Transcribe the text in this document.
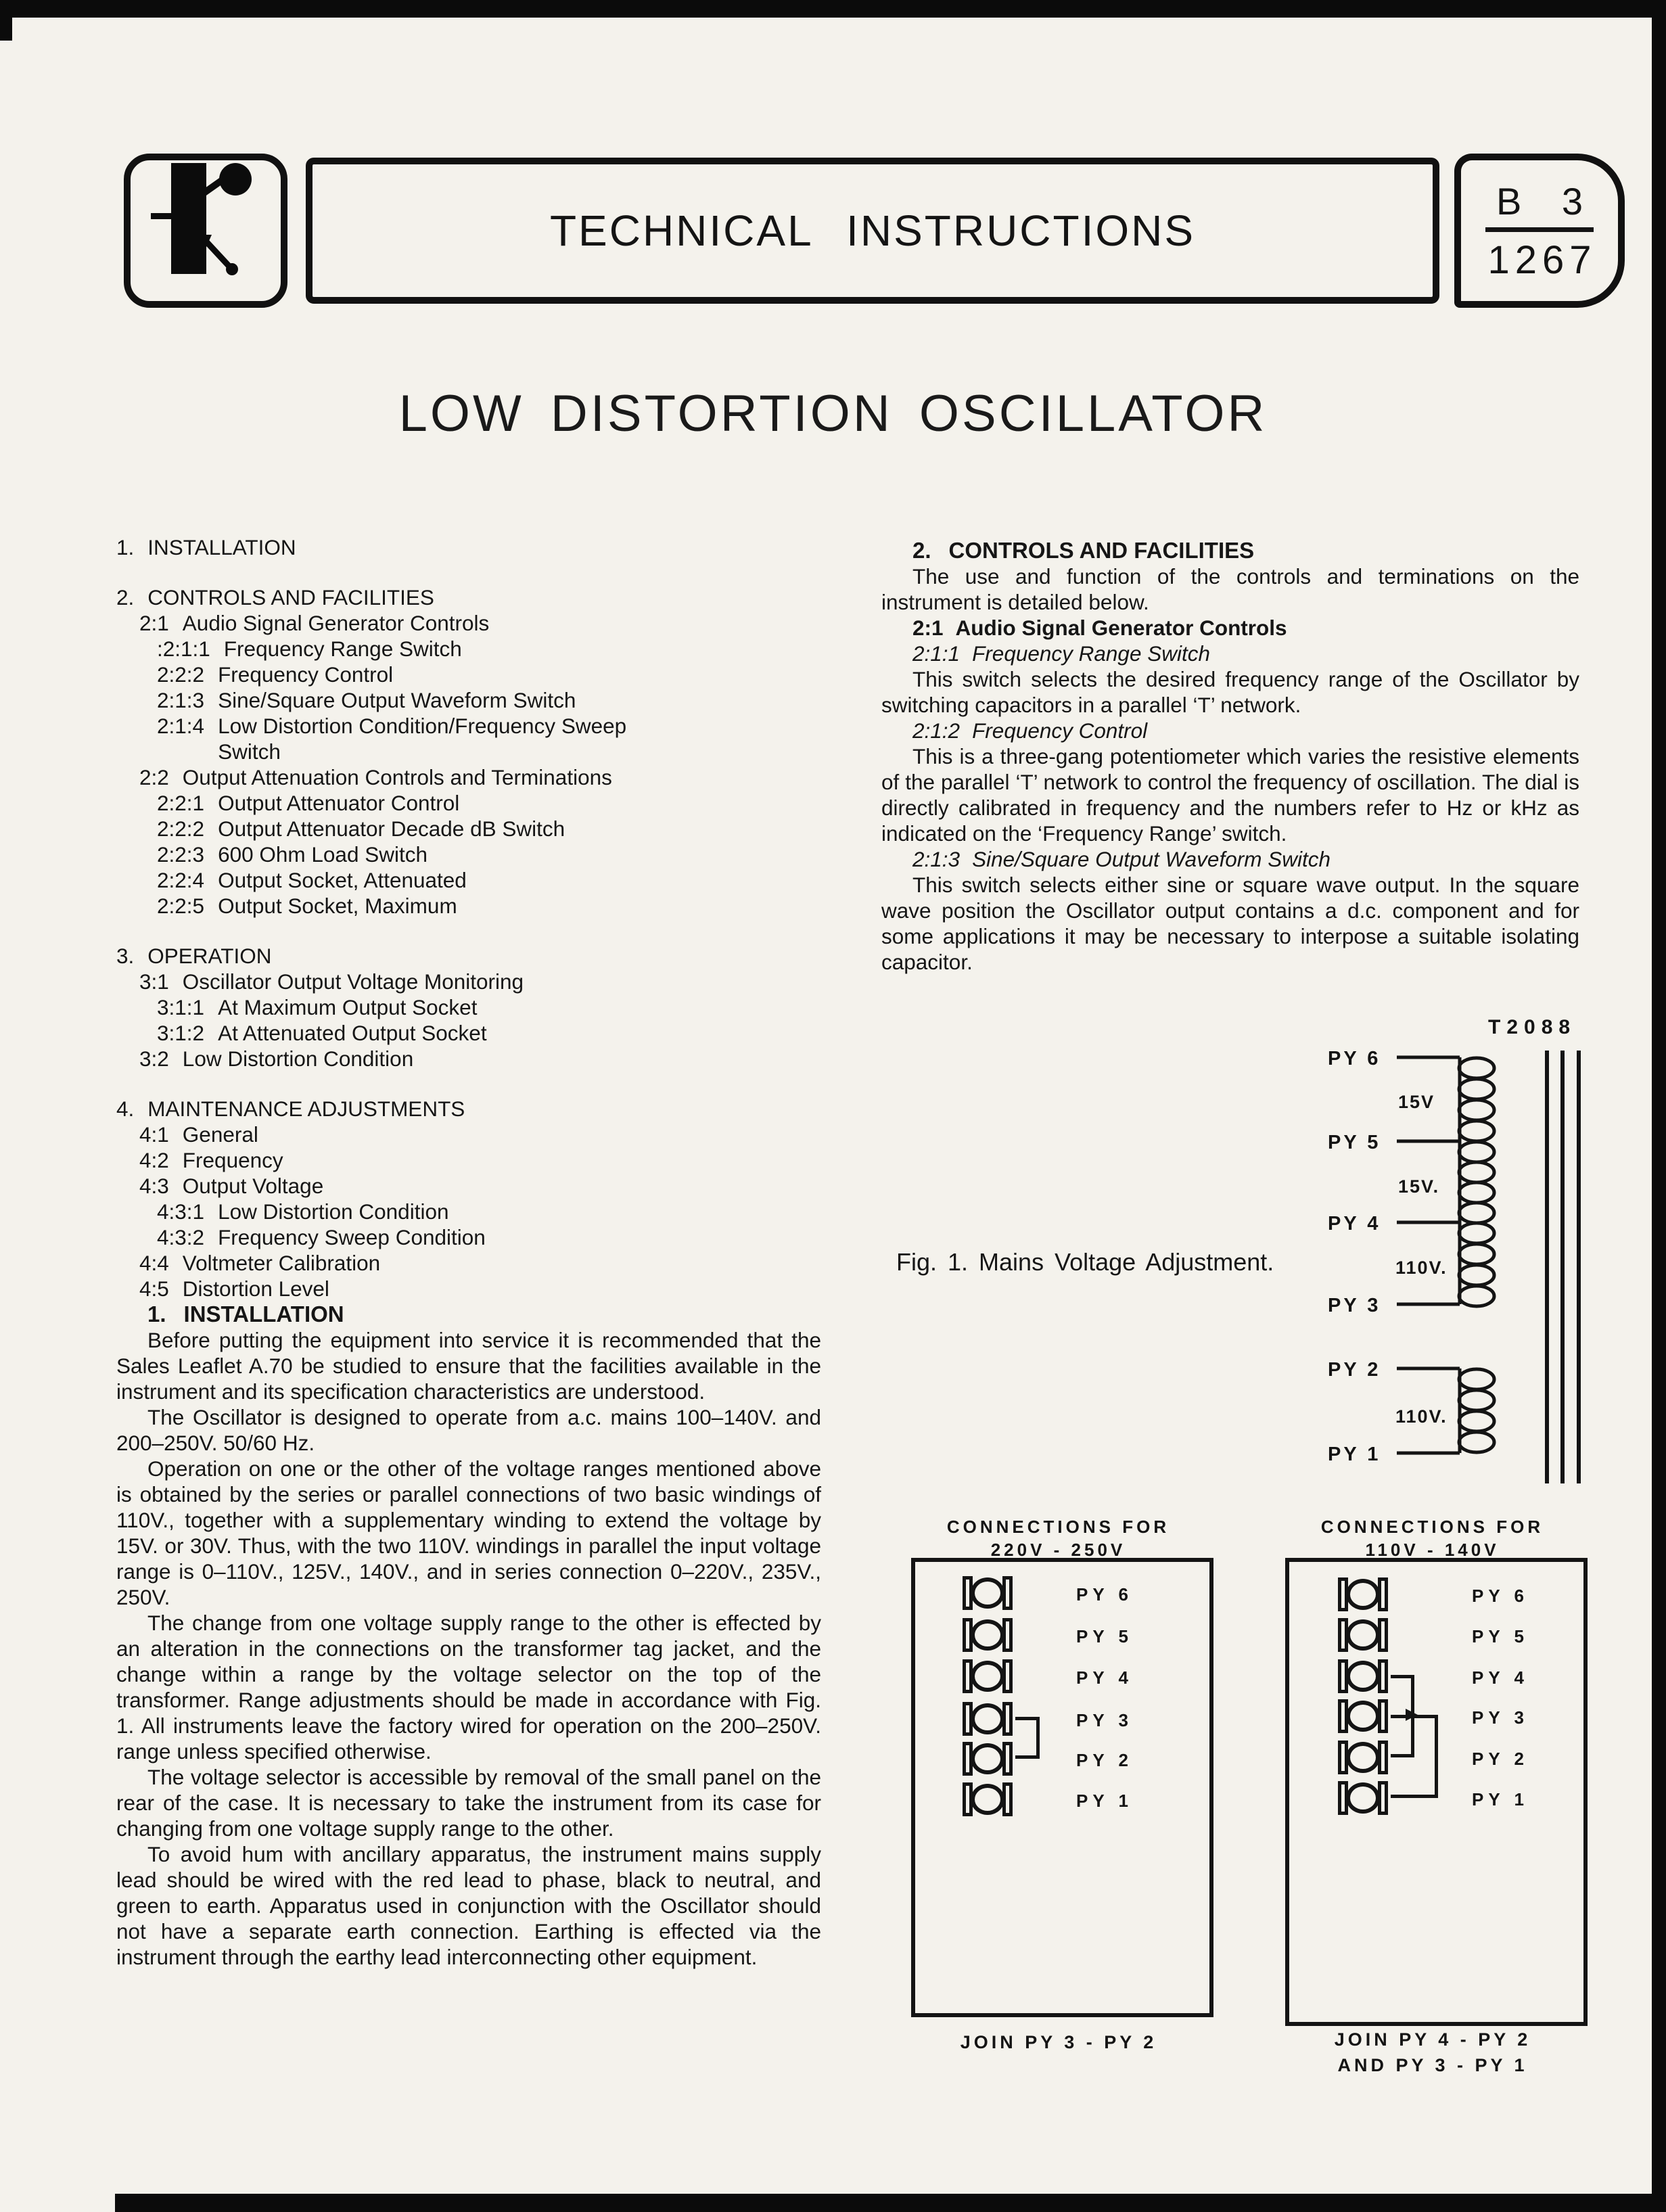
TECHNICAL INSTRUCTIONS
B 3
1267
LOW DISTORTION OSCILLATOR
1. INSTALLATION
2. CONTROLS AND FACILITIES
2:1 Audio Signal Generator Controls
:2:1:1 Frequency Range Switch
2:2:2 Frequency Control
2:1:3 Sine/Square Output Waveform Switch
2:1:4 Low Distortion Condition/Frequency Sweep Switch
2:2 Output Attenuation Controls and Terminations
2:2:1 Output Attenuator Control
2:2:2 Output Attenuator Decade dB Switch
2:2:3 600 Ohm Load Switch
2:2:4 Output Socket, Attenuated
2:2:5 Output Socket, Maximum
3. OPERATION
3:1 Oscillator Output Voltage Monitoring
3:1:1 At Maximum Output Socket
3:1:2 At Attenuated Output Socket
3:2 Low Distortion Condition
4. MAINTENANCE ADJUSTMENTS
4:1 General
4:2 Frequency
4:3 Output Voltage
4:3:1 Low Distortion Condition
4:3:2 Frequency Sweep Condition
4:4 Voltmeter Calibration
4:5 Distortion Level

1. INSTALLATION

Before putting the equipment into service it is recommended that the Sales Leaflet A.70 be studied to ensure that the facilities available in the instrument and its specification characteristics are understood.

The Oscillator is designed to operate from a.c. mains 100–140V. and 200–250V. 50/60 Hz.

Operation on one or the other of the voltage ranges mentioned above is obtained by the series or parallel connections of two basic windings of 110V., together with a supplementary winding to extend the voltage by 15V. or 30V. Thus, with the two 110V. windings in parallel the input voltage range is 0–110V., 125V., 140V., and in series connection 0–220V., 235V., 250V.

The change from one voltage supply range to the other is effected by an alteration in the connections on the transformer tag jacket, and the change within a range by the voltage selector on the top of the transformer. Range adjustments should be made in accordance with Fig. 1. All instruments leave the factory wired for operation on the 200–250V. range unless specified otherwise.

The voltage selector is accessible by removal of the small panel on the rear of the case. It is necessary to take the instrument from its case for changing from one voltage supply range to the other.

To avoid hum with ancillary apparatus, the instrument mains supply lead should be wired with the red lead to phase, black to neutral, and green to earth. Apparatus used in conjunction with the Oscillator should not have a separate earth connection. Earthing is effected via the instrument through the earthy lead interconnecting other equipment.

2. CONTROLS AND FACILITIES

The use and function of the controls and terminations on the instrument is detailed below.

2:1 Audio Signal Generator Controls

2:1:1 Frequency Range Switch

This switch selects the desired frequency range of the Oscillator by switching capacitors in a parallel ‘T’ network.

2:1:2 Frequency Control

This is a three-gang potentiometer which varies the resistive elements of the parallel ‘T’ network to control the frequency of oscillation. The dial is directly calibrated in frequency and the numbers refer to Hz or kHz as indicated on the ‘Frequency Range’ switch.

2:1:3 Sine/Square Output Waveform Switch

This switch selects either sine or square wave output. In the square wave position the Oscillator output contains a d.c. component and for some applications it may be necessary to interpose a suitable isolating capacitor.

T2088
PY 6
PY 5
PY 4
PY 3
PY 2
PY 1
15V
15V.
110V.
110V.
Fig. 1. Mains Voltage Adjustment.
CONNECTIONS FOR
220V - 250V
PY 6
PY 5
PY 4
PY 3
PY 2
PY 1
JOIN PY 3 - PY 2
CONNECTIONS FOR
110V - 140V
PY 6
PY 5
PY 4
PY 3
PY 2
PY 1
JOIN PY 4 - PY 2
AND PY 3 - PY 1
